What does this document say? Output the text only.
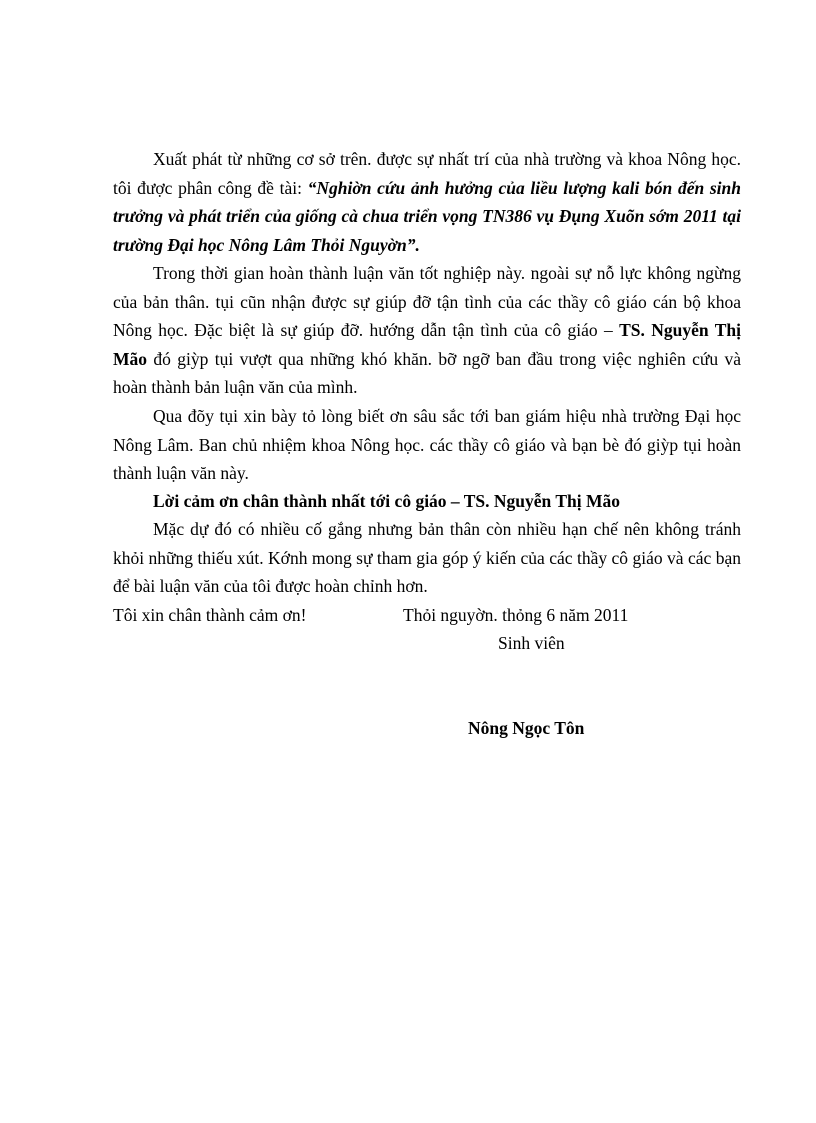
Xuất phát từ những cơ sở trên. được sự nhất trí của nhà trường và khoa Nông học. tôi được phân công đề tài: “Nghiờn cứu ảnh hưởng của liều lượng kali bón đến sinh trưởng và phát triển của giống cà chua triển vọng TN386 vụ Đụng Xuõn sớm 2011 tại trường Đại học Nông Lâm Thỏi Nguyờn”.

Trong thời gian hoàn thành luận văn tốt nghiệp này. ngoài sự nỗ lực không ngừng của bản thân. tụi cũn nhận được sự giúp đỡ tận tình của các thầy cô giáo cán bộ khoa Nông học. Đặc biệt là sự giúp đỡ. hướng dẫn tận tình của cô giáo – TS. Nguyễn Thị Mão đó giỳp tụi vượt qua những khó khăn. bỡ ngỡ ban đầu trong việc nghiên cứu và hoàn thành bản luận văn của mình.

Qua đõy tụi xin bày tỏ lòng biết ơn sâu sắc tới ban giám hiệu nhà trường Đại học Nông Lâm. Ban chủ nhiệm khoa Nông học. các thầy cô giáo và bạn bè đó giỳp tụi hoàn thành luận văn này.

Lời cảm ơn chân thành nhất tới cô giáo – TS. Nguyễn Thị Mão

Mặc dự đó có nhiều cố gắng nhưng bản thân còn nhiều hạn chế nên không tránh khỏi những thiếu xút. Kớnh mong sự tham gia góp ý kiến của các thầy cô giáo và các bạn để bài luận văn của tôi được hoàn chỉnh hơn.

Tôi xin chân thành cảm ơn!	Thỏi nguyờn. thỏng 6 năm 2011

Sinh viên

Nông Ngọc Tôn
